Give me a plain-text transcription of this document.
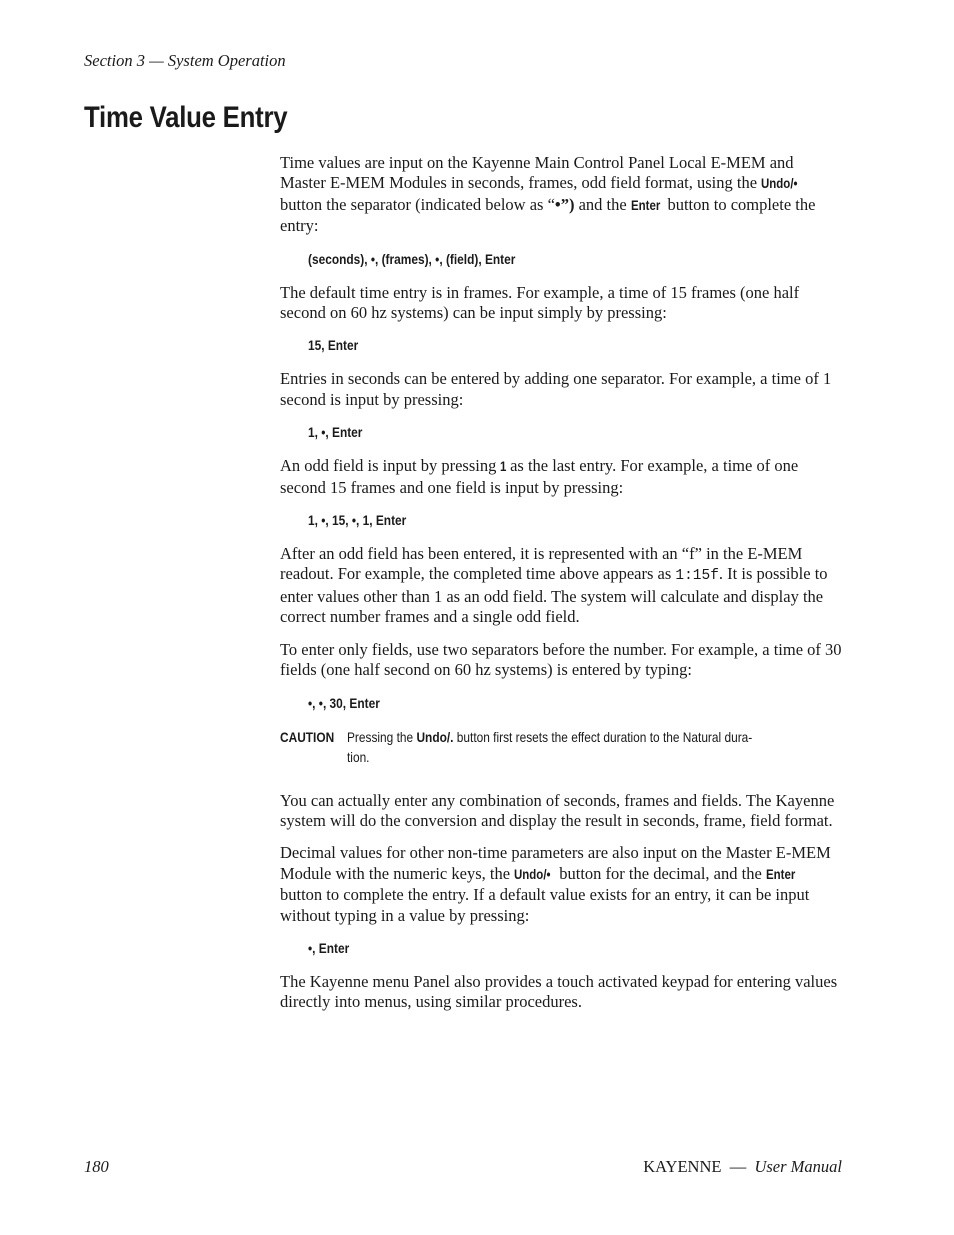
Section 3 — System Operation
Time Value Entry

Time values are input on the Kayenne Main Control Panel Local E-MEM and Master E-MEM Modules in seconds, frames, odd field format, using the Undo/• button the separator (indicated below as “•”) and the Enter button to complete the entry:

(seconds), •, (frames), •, (field), Enter

The default time entry is in frames. For example, a time of 15 frames (one half second on 60 hz systems) can be input simply by pressing:

15, Enter

Entries in seconds can be entered by adding one separator. For example, a time of 1 second is input by pressing:

1, •, Enter

An odd field is input by pressing 1 as the last entry. For example, a time of one second 15 frames and one field is input by pressing:

1, •, 15, •, 1, Enter

After an odd field has been entered, it is represented with an “f” in the E-MEM readout. For example, the completed time above appears as 1:15f. It is possible to enter values other than 1 as an odd field. The system will calculate and display the correct number frames and a single odd field.

To enter only fields, use two separators before the number. For example, a time of 30 fields (one half second on 60 hz systems) is entered by typing:

•, •, 30, Enter
CAUTION Pressing the Undo/. button first resets the effect duration to the Natural dura-
tion.

You can actually enter any combination of seconds, frames and fields. The Kayenne system will do the conversion and display the result in seconds, frame, field format.

Decimal values for other non-time parameters are also input on the Master E-MEM Module with the numeric keys, the Undo/• button for the decimal, and the Enter button to complete the entry. If a default value exists for an entry, it can be input without typing in a value by pressing:

•, Enter

The Kayenne menu Panel also provides a touch activated keypad for entering values directly into menus, using similar procedures.

180	KAYENNE — User Manual
